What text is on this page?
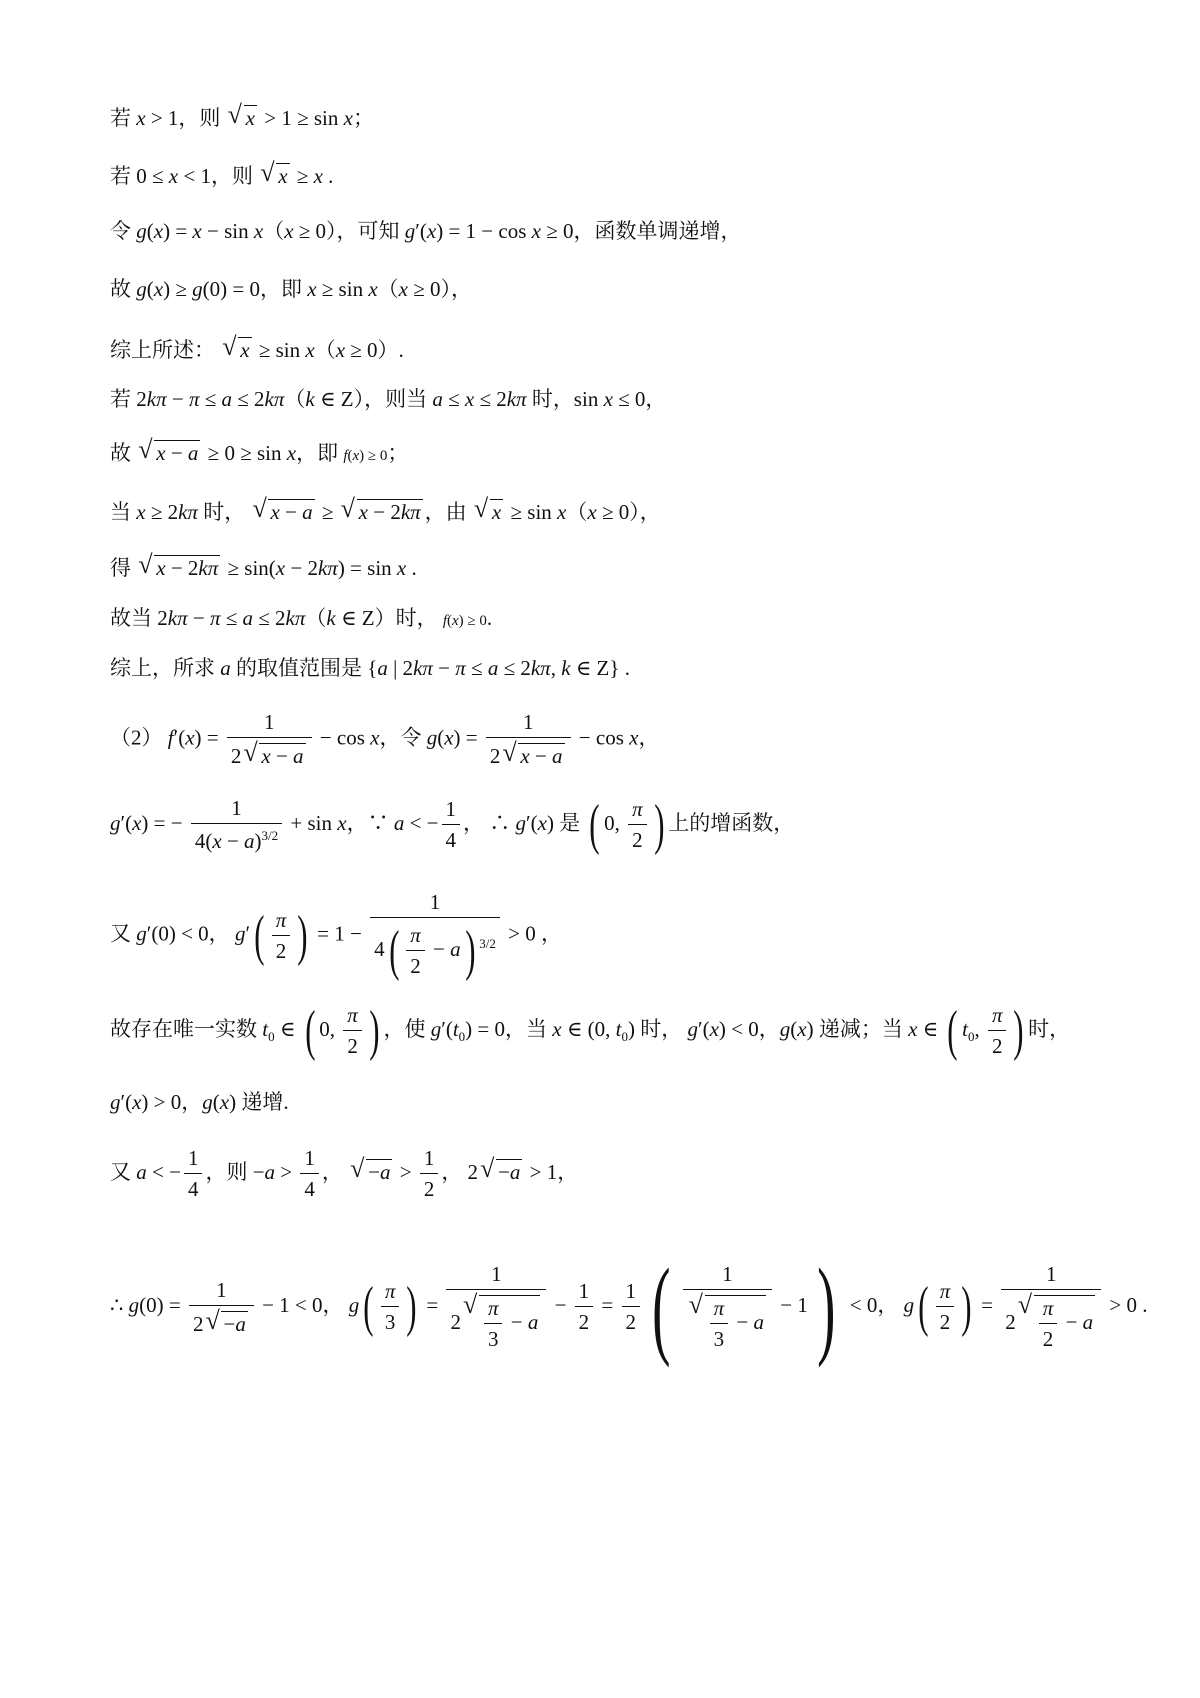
若 x > 1，则 √ x > 1 ≥ sin x；
若 0 ≤ x < 1，则 √ x ≥ x .
令 g(x) = x − sin x（x ≥ 0），可知 g′(x) = 1 − cos x ≥ 0，函数单调递增，
故 g(x) ≥ g(0) = 0，即 x ≥ sin x（x ≥ 0），
综上所述： √ x ≥ sin x（x ≥ 0）.
若 2kπ − π ≤ a ≤ 2kπ（k ∈ Z），则当 a ≤ x ≤ 2kπ 时，sin x ≤ 0，
故 √ x − a ≥ 0 ≥ sin x，即 f(x) ≥ 0；
当 x ≥ 2kπ 时， √ x − a ≥ √ x − 2kπ ，由 √ x ≥ sin x（x ≥ 0），
得 √ x − 2kπ ≥ sin(x − 2kπ) = sin x .
故当 2kπ − π ≤ a ≤ 2kπ（k ∈ Z）时， f(x) ≥ 0.
综上，所求 a 的取值范围是 {a | 2kπ − π ≤ a ≤ 2kπ, k ∈ Z} .
（2） $f'(x) = \frac{1}{2 √ x - a} - \cos x$，令 $g(x) = \frac{1}{2 √ x - a} - \cos x$，
g′(x) = − $\frac{1}{4(x - a)^{3/2}} + \sin x$，∵ a < − $\frac{1}{4}$ ， ∴ g′(x) 是 ( 0, $\frac{\pi}{2}$ ) 上的增函数，
又 g′(0) < 0， $g'( \frac{\pi}{2}$ ) = $1 - \frac{1}{4( \frac{\pi}{2} - a) ^{3/2}} > 0$ ，
故存在唯一实数 $t_0$ ∈ ( 0, $\frac{\pi}{2}$ ) ，使 $g'(t_0) = 0$，当 x ∈ (0, $t_0$) 时， g′(x) < 0，g(x) 递减；当 x ∈ ( $t_0$, $\frac{\pi}{2}$ ) 时，
g′(x) > 0，g(x) 递增.
又 a < − $\frac{1}{4}$ ，则 $-a > \frac{1}{4}$ ， √ $-a > \frac{1}{2}$ ， 2 √ −a > 1，
∴ $g(0) = \frac{1}{2 √ -a} - 1 < 0$， $g( \frac{\pi}{3}$ ) = 1
2
√ $\frac{\pi}{3} - a - \frac{1}{2} = \frac{1}{2}$ ( $\frac{1}{√ \frac{\pi}{3} - a} - 1) < 0$， $g( \frac{\pi}{2}$ ) = 1
2
√ $\frac{\pi}{2} - a > 0$ .
